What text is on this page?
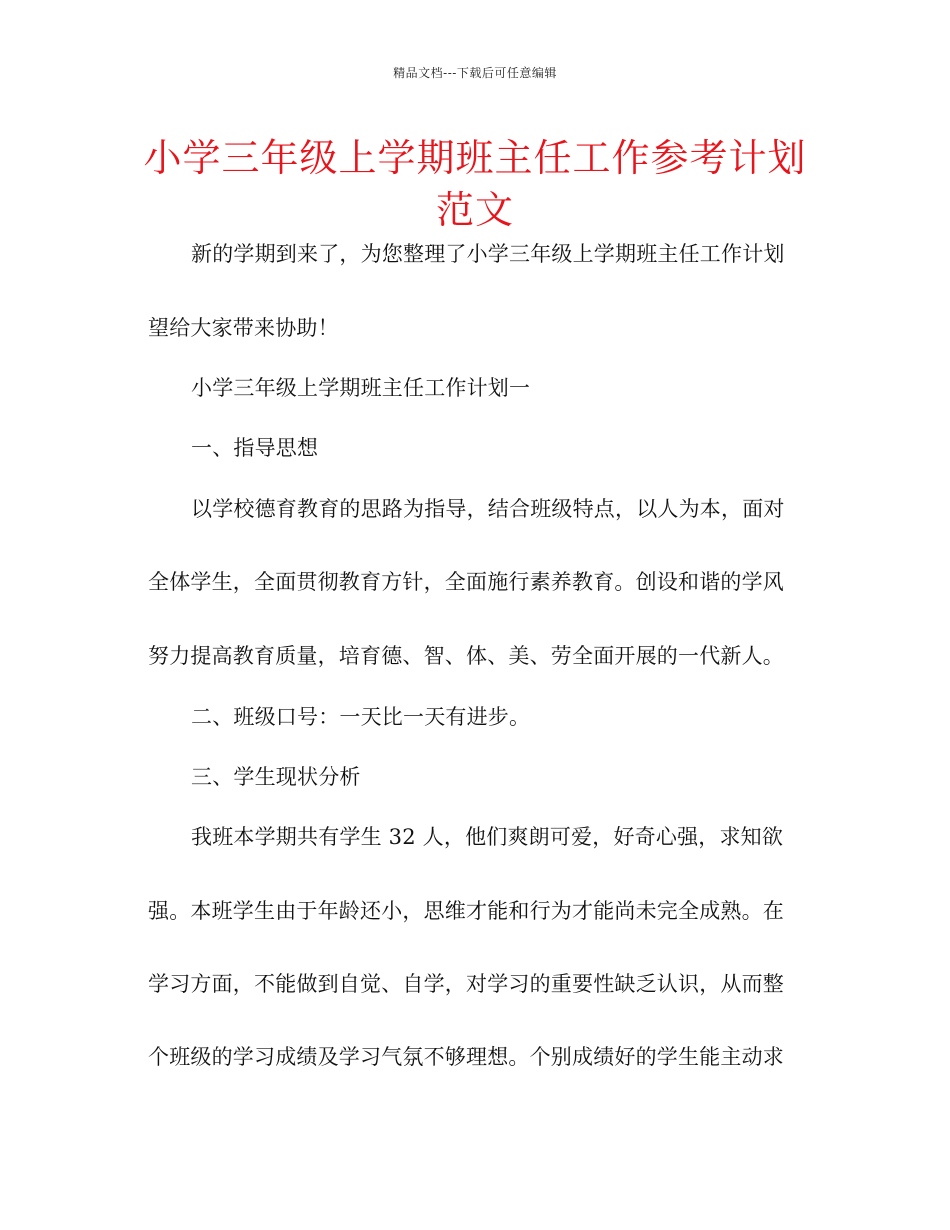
精品文档---下载后可任意编辑
小学三年级上学期班主任工作参考计划范文
新的学期到来了，为您整理了小学三年级上学期班主任工作计划
望给大家带来协助！
小学三年级上学期班主任工作计划一
一、指导思想
以学校德育教育的思路为指导，结合班级特点，以人为本，面对
全体学生，全面贯彻教育方针，全面施行素养教育。创设和谐的学风
努力提高教育质量，培育德、智、体、美、劳全面开展的一代新人。
二、班级口号：一天比一天有进步。
三、学生现状分析
我班本学期共有学生 32 人，他们爽朗可爱，好奇心强，求知欲
强。本班学生由于年龄还小，思维才能和行为才能尚未完全成熟。在
学习方面，不能做到自觉、自学，对学习的重要性缺乏认识，从而整
个班级的学习成绩及学习气氛不够理想。个别成绩好的学生能主动求
